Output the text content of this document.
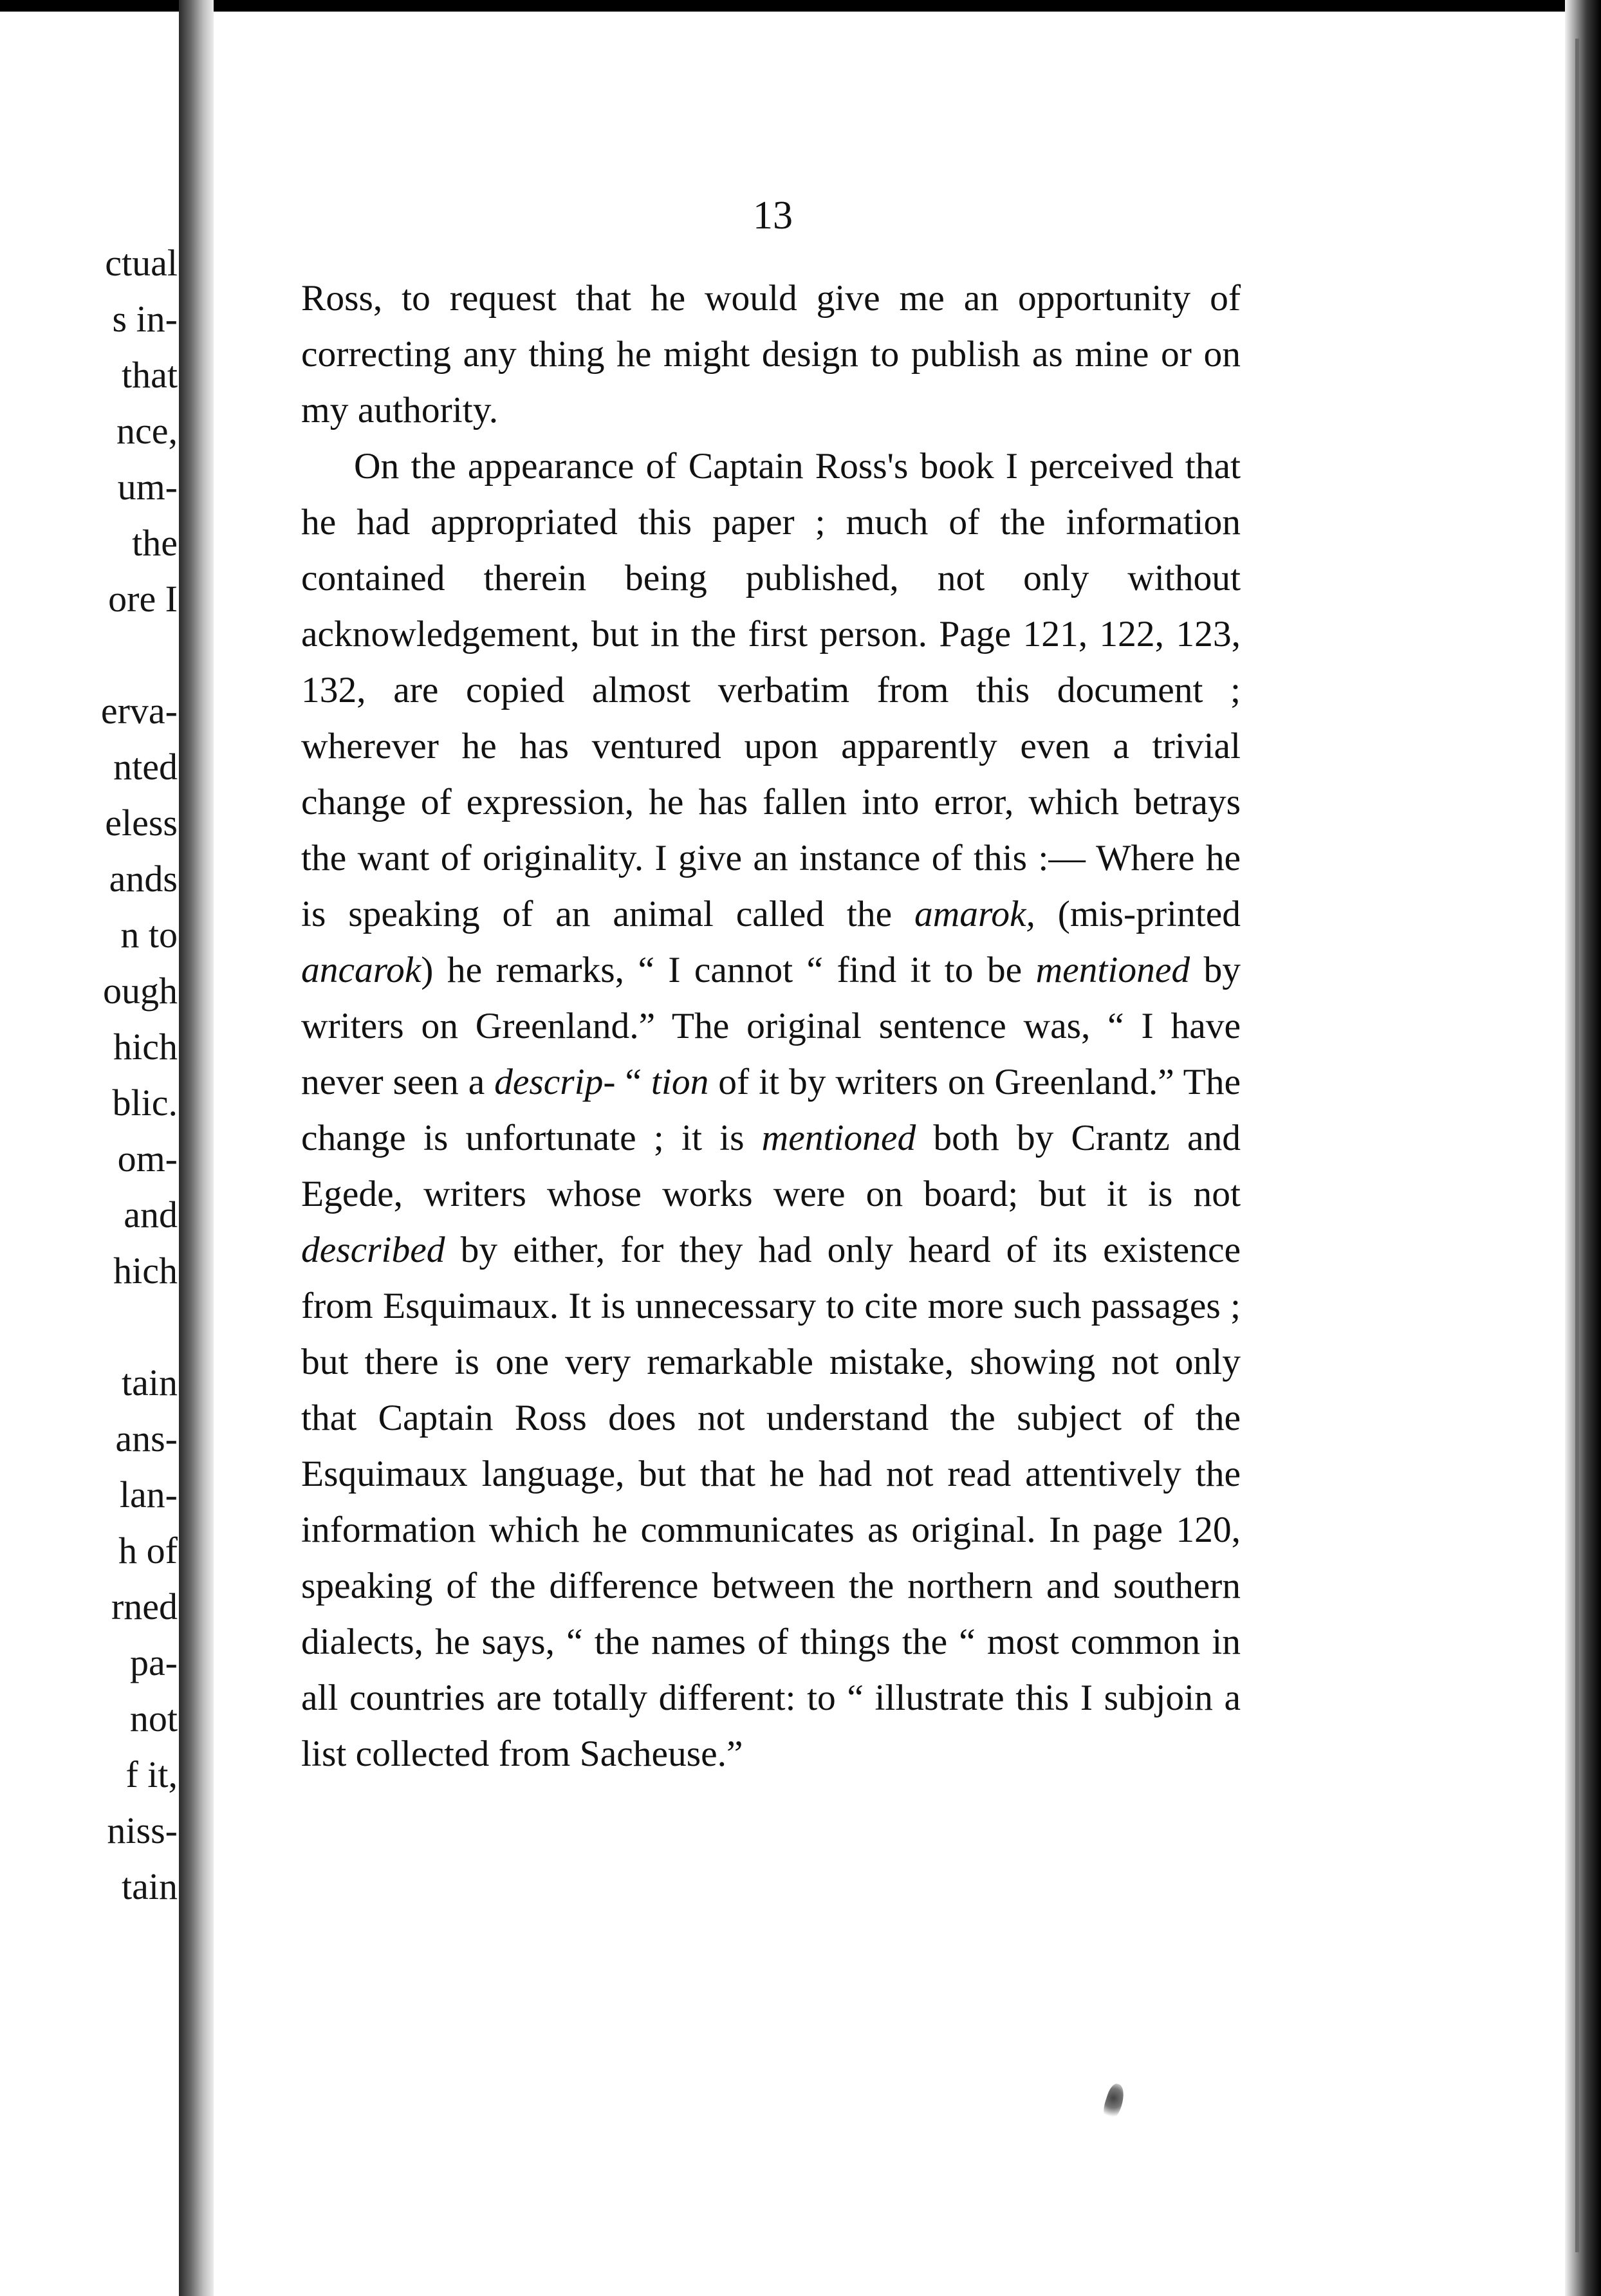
ctual
s in-
that
nce,
um-
the
ore I
erva-
nted
eless
ands
n to
ough
hich
blic.
om-
and
hich
tain
ans-
lan-
h of
rned
pa-
not
f it,
niss-
tain
13

Ross, to request that he would give me an opportunity of correcting any thing he might design to publish as mine or on my authority.

On the appearance of Captain Ross's book I perceived that he had appropriated this paper ; much of the information contained therein being published, not only without acknowledgement, but in the first person. Page 121, 122, 123, 132, are copied almost verbatim from this document ; wherever he has ventured upon apparently even a trivial change of expression, he has fallen into error, which betrays the want of originality. I give an instance of this :— Where he is speaking of an animal called the amarok, (mis-printed ancarok) he remarks, “ I cannot “ find it to be mentioned by writers on Greenland.” The original sentence was, “ I have never seen a descrip- “ tion of it by writers on Greenland.” The change is unfortunate ; it is mentioned both by Crantz and Egede, writers whose works were on board; but it is not described by either, for they had only heard of its existence from Esquimaux. It is unnecessary to cite more such passages ; but there is one very remarkable mistake, showing not only that Captain Ross does not understand the subject of the Esquimaux language, but that he had not read attentively the information which he communicates as original. In page 120, speaking of the difference between the northern and southern dialects, he says, “ the names of things the “ most common in all countries are totally different: to “ illustrate this I subjoin a list collected from Sacheuse.”
